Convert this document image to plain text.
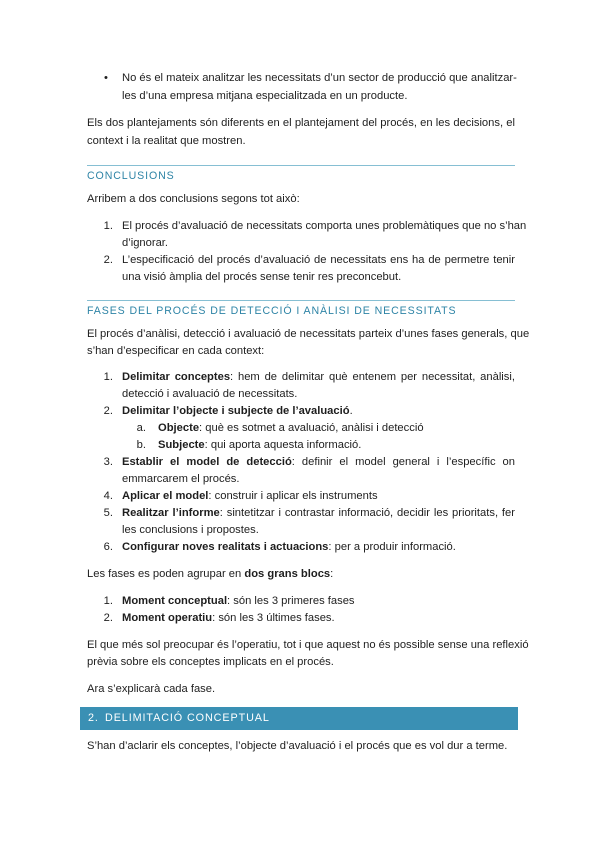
• No és el mateix analitzar les necessitats d’un sector de producció que analitzar-

les d’una empresa mitjana especialitzada en un producte.

Els dos plantejaments són diferents en el plantejament del procés, en les decisions, el

context i la realitat que mostren.

CONCLUSIONS

Arribem a dos conclusions segons tot això:

1. El procés d’avaluació de necessitats comporta unes problemàtiques que no s’han

d’ignorar.

2. L’especificació del procés d’avaluació de necessitats ens ha de permetre tenir

una visió àmplia del procés sense tenir res preconcebut.

FASES DEL PROCÉS DE DETECCIÓ I ANÀLISI DE NECESSITATS

El procés d’anàlisi, detecció i avaluació de necessitats parteix d’unes fases generals, que

s’han d’especificar en cada context:

1. Delimitar conceptes: hem de delimitar què entenem per necessitat, anàlisi,

detecció i avaluació de necessitats.

2. Delimitar l’objecte i subjecte de l’avaluació.

a. Objecte: què es sotmet a avaluació, anàlisi i detecció

b. Subjecte: qui aporta aquesta informació.

3. Establir el model de detecció: definir el model general i l’específic on

emmarcarem el procés.

4. Aplicar el model: construir i aplicar els instruments

5. Realitzar l’informe: sintetitzar i contrastar informació, decidir les prioritats, fer

les conclusions i propostes.

6. Configurar noves realitats i actuacions: per a produir informació.

Les fases es poden agrupar en dos grans blocs:

1. Moment conceptual: són les 3 primeres fases

2. Moment operatiu: són les 3 últimes fases.

El que més sol preocupar és l’operatiu, tot i que aquest no és possible sense una reflexió

prèvia sobre els conceptes implicats en el procés.

Ara s’explicarà cada fase.

2. DELIMITACIÓ CONCEPTUAL

S’han d’aclarir els conceptes, l’objecte d’avaluació i el procés que es vol dur a terme.
